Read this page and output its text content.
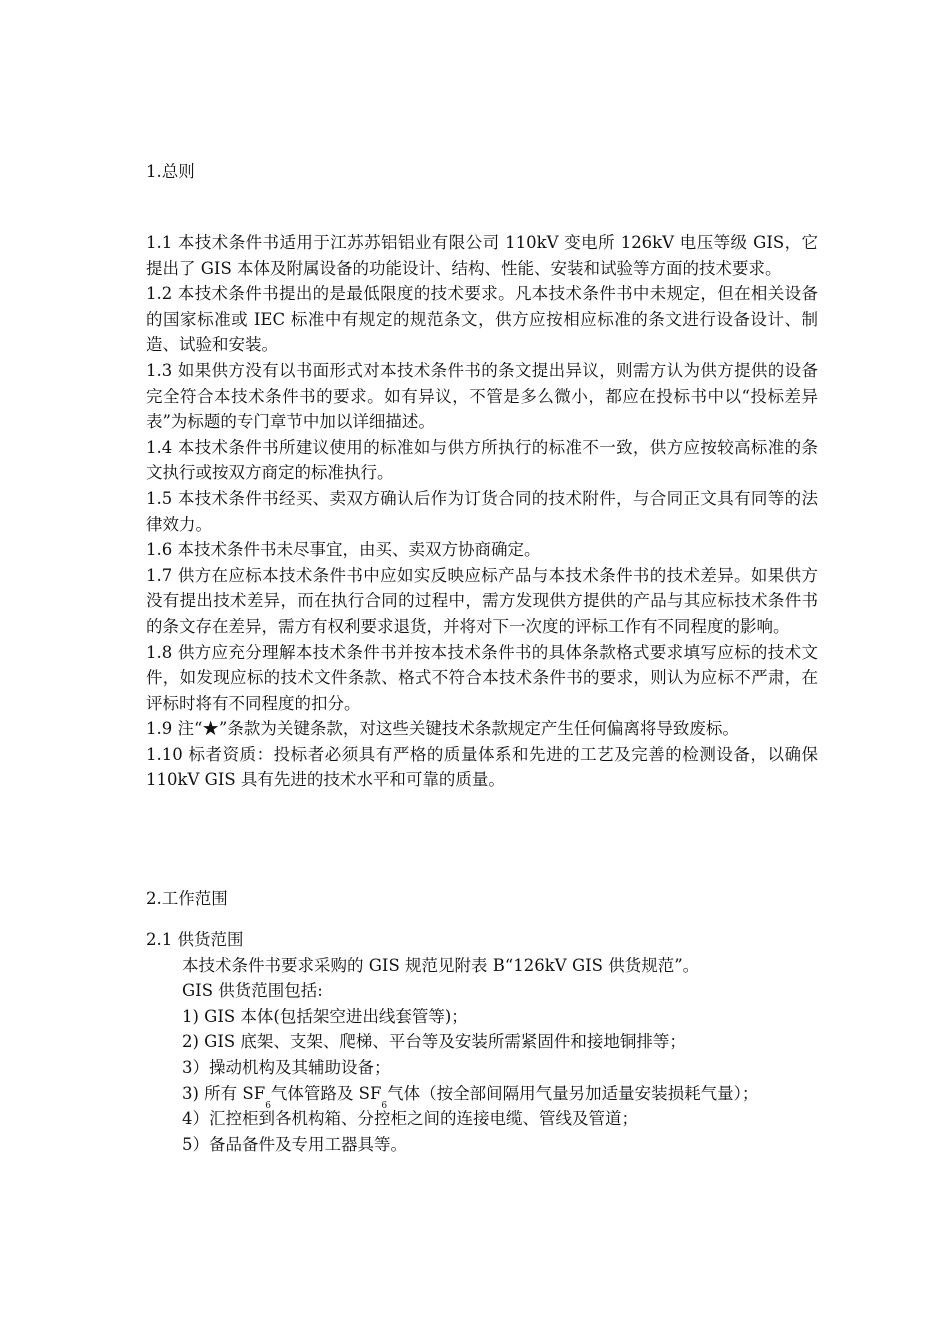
1.总则

1.1 本技术条件书适用于江苏苏铝铝业有限公司 110kV 变电所 126kV 电压等级 GIS，它提出了 GIS 本体及附属设备的功能设计、结构、性能、安装和试验等方面的技术要求。

1.2 本技术条件书提出的是最低限度的技术要求。凡本技术条件书中未规定，但在相关设备的国家标准或 IEC 标准中有规定的规范条文，供方应按相应标准的条文进行设备设计、制造、试验和安装。

1.3 如果供方没有以书面形式对本技术条件书的条文提出异议，则需方认为供方提供的设备完全符合本技术条件书的要求。如有异议，不管是多么微小，都应在投标书中以“投标差异表”为标题的专门章节中加以详细描述。

1.4 本技术条件书所建议使用的标准如与供方所执行的标准不一致，供方应按较高标准的条文执行或按双方商定的标准执行。

1.5 本技术条件书经买、卖双方确认后作为订货合同的技术附件，与合同正文具有同等的法律效力。

1.6 本技术条件书未尽事宜，由买、卖双方协商确定。

1.7 供方在应标本技术条件书中应如实反映应标产品与本技术条件书的技术差异。如果供方没有提出技术差异，而在执行合同的过程中，需方发现供方提供的产品与其应标技术条件书的条文存在差异，需方有权利要求退货，并将对下一次度的评标工作有不同程度的影响。

1.8 供方应充分理解本技术条件书并按本技术条件书的具体条款格式要求填写应标的技术文件，如发现应标的技术文件条款、格式不符合本技术条件书的要求，则认为应标不严肃，在评标时将有不同程度的扣分。

1.9 注“★”条款为关键条款，对这些关键技术条款规定产生任何偏离将导致废标。

1.10 标者资质：投标者必须具有严格的质量体系和先进的工艺及完善的检测设备，以确保 110kV GIS 具有先进的技术水平和可靠的质量。

2.工作范围

2.1 供货范围

本技术条件书要求采购的 GIS 规范见附表 B“126kV GIS 供货规范”。

GIS 供货范围包括:

1) GIS 本体(包括架空进出线套管等)；

2) GIS 底架、支架、爬梯、平台等及安装所需紧固件和接地铜排等；

3）操动机构及其辅助设备；

3) 所有 $SF_6$气体管路及 $SF_6$气体（按全部间隔用气量另加适量安装损耗气量）；

4）汇控柜到各机构箱、分控柜之间的连接电缆、管线及管道；

5）备品备件及专用工器具等。
